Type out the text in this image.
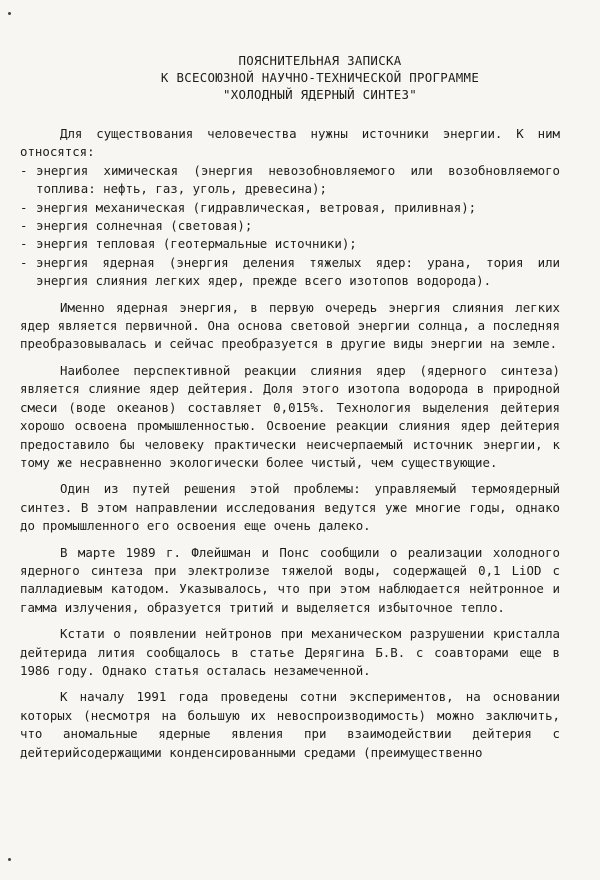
ПОЯСНИТЕЛЬНАЯ ЗАПИСКА
К ВСЕСОЮЗНОЙ НАУЧНО-ТЕХНИЧЕСКОЙ ПРОГРАММЕ
"ХОЛОДНЫЙ ЯДЕРНЫЙ СИНТЕЗ"

Для существования человечества нужны источники энергии. К ним относятся:

- энергия химическая (энергия невозобновляемого или возобновляемого топлива: нефть, газ, уголь, древесина);
- энергия механическая (гидравлическая, ветровая, приливная);
- энергия солнечная (световая);
- энергия тепловая (геотермальные источники);
- энергия ядерная (энергия деления тяжелых ядер: урана, тория или энергия слияния легких ядер, прежде всего изотопов водорода).

Именно ядерная энергия, в первую очередь энергия слияния легких ядер является первичной. Она основа световой энергии солнца, а последняя преобразовывалась и сейчас преобразуется в другие виды энергии на земле.

Наиболее перспективной реакции слияния ядер (ядерного синтеза) является слияние ядер дейтерия. Доля этого изотопа водорода в природной смеси (воде океанов) составляет 0,015%. Технология выделения дейтерия хорошо освоена промышленностью. Освоение реакции слияния ядер дейтерия предоставило бы человеку практически неисчерпаемый источник энергии, к тому же несравненно экологически более чистый, чем существующие.

Один из путей решения этой проблемы: управляемый термоядерный синтез. В этом направлении исследования ведутся уже многие годы, однако до промышленного его освоения еще очень далеко.

В марте 1989 г. Флейшман и Понс сообщили о реализации холодного ядерного синтеза при электролизе тяжелой воды, содержащей 0,1 LiOD с палладиевым катодом. Указывалось, что при этом наблюдается нейтронное и гамма излучения, образуется тритий и выделяется избыточное тепло.

Кстати о появлении нейтронов при механическом разрушении кристалла дейтерида лития сообщалось в статье Дерягина Б.В. с соавторами еще в 1986 году. Однако статья осталась незамеченной.

К началу 1991 года проведены сотни экспериментов, на основании которых (несмотря на большую их невоспроизводимость) можно заключить, что аномальные ядерные явления при взаимодействии дейтерия с дейтерийсодержащими конденсированными средами (преимущественно
